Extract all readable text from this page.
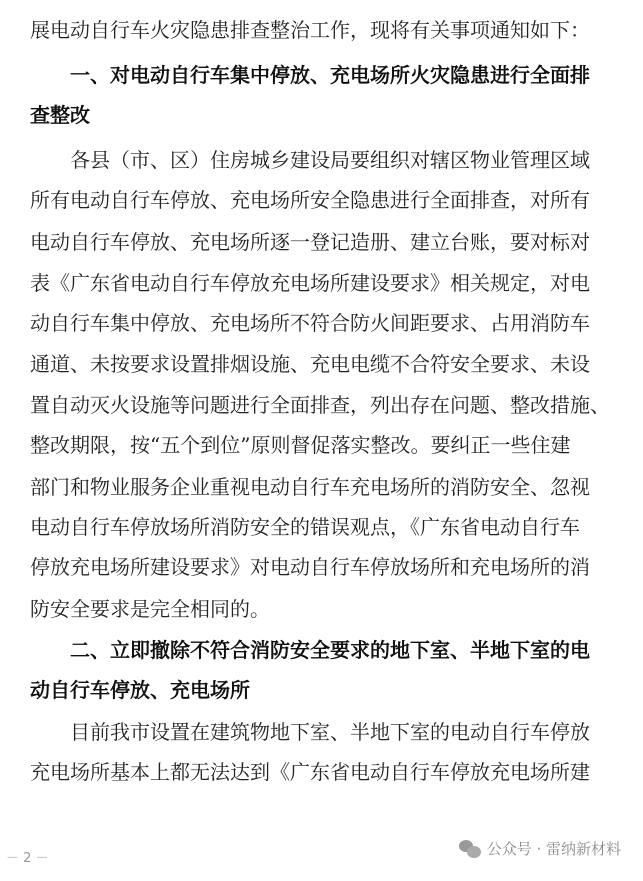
展电动自行车火灾隐患排查整治工作，现将有关事项通知如下：
一、对电动自行车集中停放、充电场所火灾隐患进行全面排
查整改
各县（市、区）住房城乡建设局要组织对辖区物业管理区域
所有电动自行车停放、充电场所安全隐患进行全面排查，对所有
电动自行车停放、充电场所逐一登记造册、建立台账，要对标对
表《广东省电动自行车停放充电场所建设要求》相关规定，对电
动自行车集中停放、充电场所不符合防火间距要求、占用消防车
通道、未按要求设置排烟设施、充电电缆不合符安全要求、未设
置自动灭火设施等问题进行全面排查，列出存在问题、整改措施、
整改期限，按“五个到位”原则督促落实整改。要纠正一些住建
部门和物业服务企业重视电动自行车充电场所的消防安全、忽视
电动自行车停放场所消防安全的错误观点，《广东省电动自行车
停放充电场所建设要求》对电动自行车停放场所和充电场所的消
防安全要求是完全相同的。
二、立即撤除不符合消防安全要求的地下室、半地下室的电
动自行车停放、充电场所
目前我市设置在建筑物地下室、半地下室的电动自行车停放
充电场所基本上都无法达到《广东省电动自行车停放充电场所建
－ 2 －
公众号 · 雷纳新材料
